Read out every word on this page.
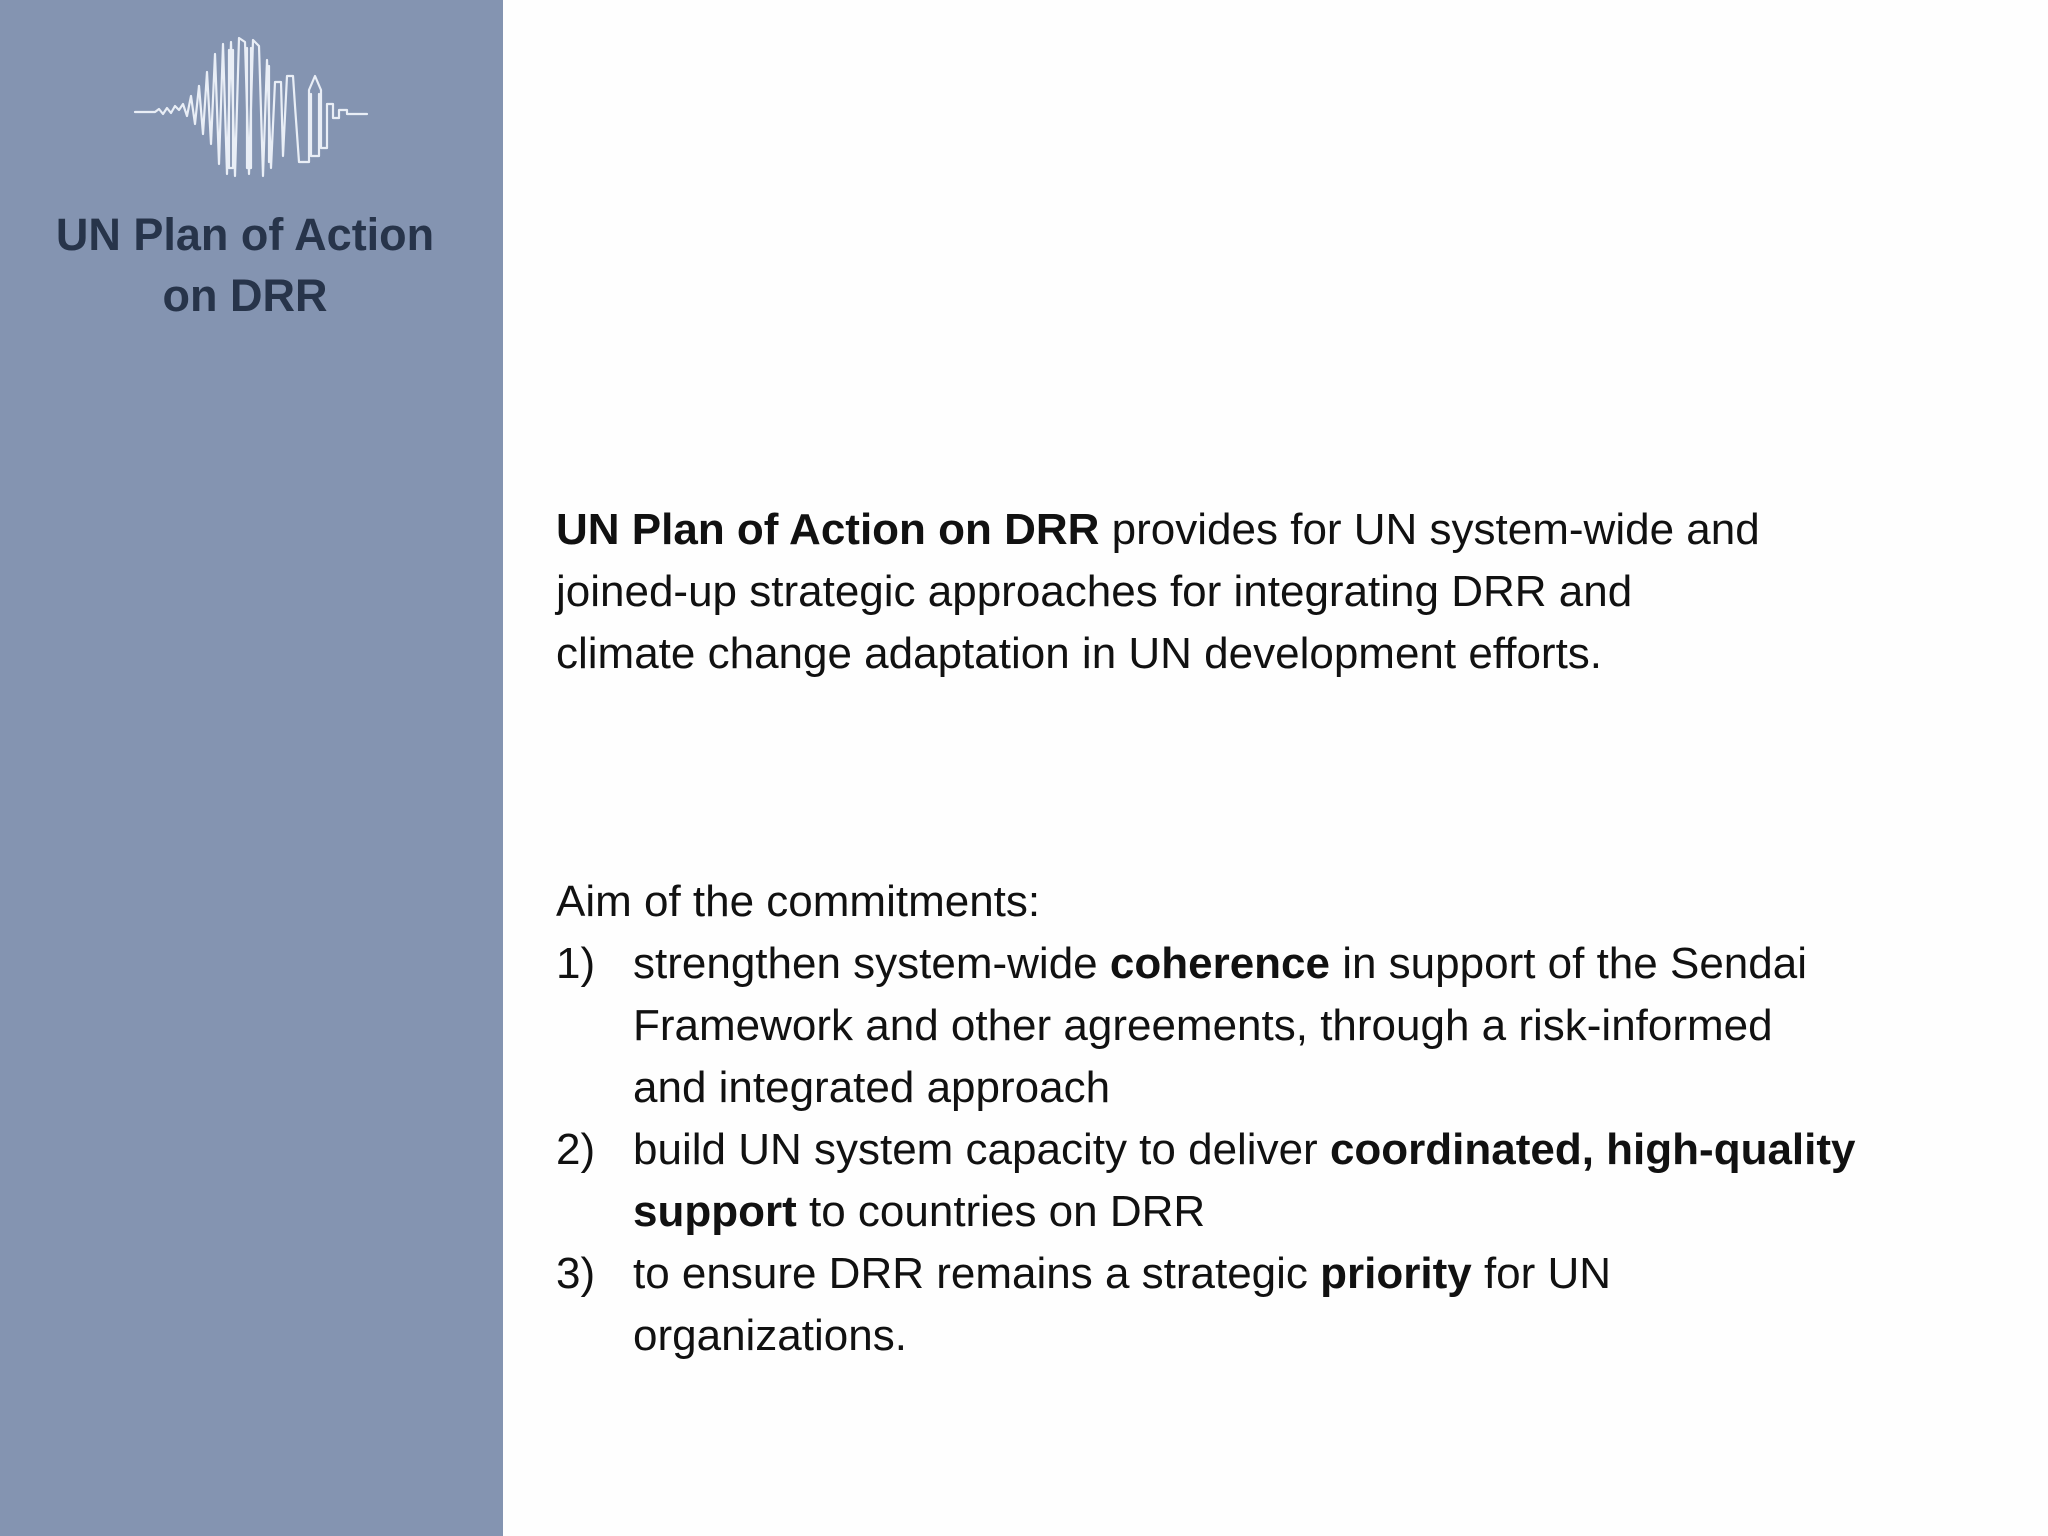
UN Plan of Action
on DRR
UN Plan of Action on DRR provides for UN system-wide and
joined-up strategic approaches for integrating DRR and
climate change adaptation in UN development efforts.
Aim of the commitments:
1) strengthen system-wide coherence in support of the Sendai
Framework and other agreements, through a risk-informed
and integrated approach
2) build UN system capacity to deliver coordinated, high-quality
support to countries on DRR
3) to ensure DRR remains a strategic priority for UN
organizations.
